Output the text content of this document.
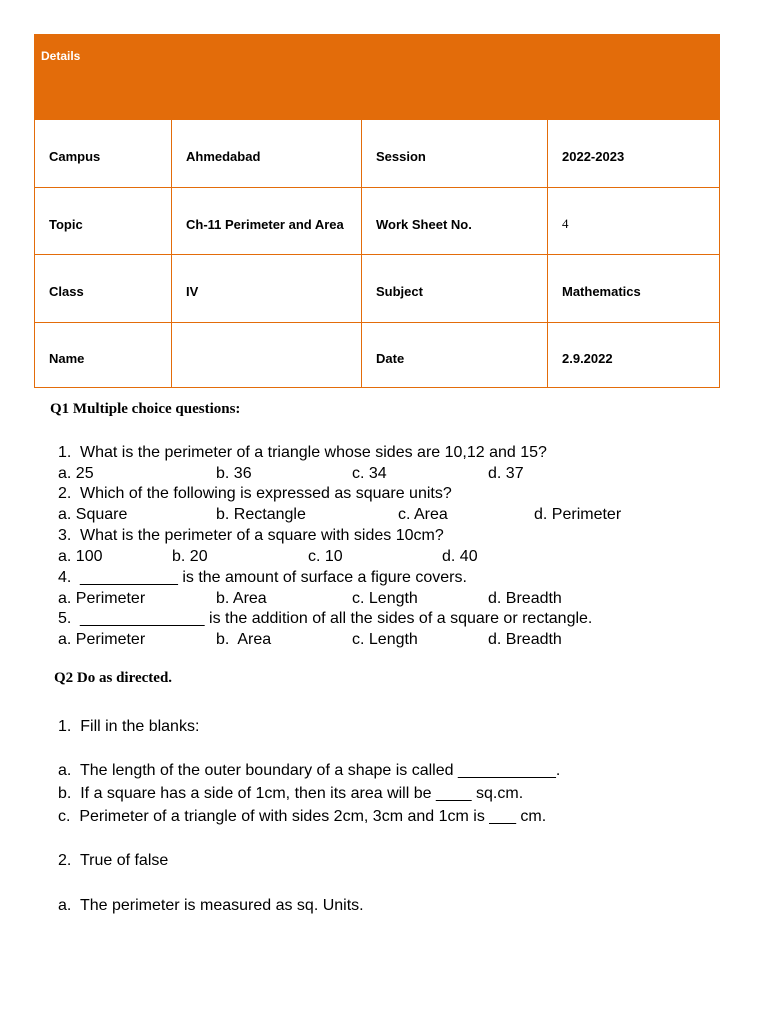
Details			
Campus	Ahmedabad	Session	2022-2023
Topic	Ch-11 Perimeter and Area	Work Sheet No.	4
Class	IV	Subject	Mathematics
Name		Date	2.9.2022
Q1 Multiple choice questions:
1. What is the perimeter of a triangle whose sides are 10,12 and 15?

a. 25

	b. 36

	c. 34

	d. 37

2. Which of the following is expressed as square units?

a. Square

	b. Rectangle

	c. Area

	d. Perimeter

3. What is the perimeter of a square with sides 10cm?

a. 100

	b. 20

	c. 10

	d. 40

4. ___________ is the amount of surface a figure covers.

a. Perimeter

	b. Area

	c. Length

	d. Breadth

5. ______________ is the addition of all the sides of a square or rectangle.

a. Perimeter

	b.  Area

	c. Length

	d. Breadth

Q2 Do as directed.
1.  Fill in the blanks:
a.  The length of the outer boundary of a shape is called ___________.
b.  If a square has a side of 1cm, then its area will be ____ sq.cm.
c.  Perimeter of a triangle of with sides 2cm, 3cm and 1cm is ___ cm.
2.  True of false
a.  The perimeter is measured as sq. Units.
